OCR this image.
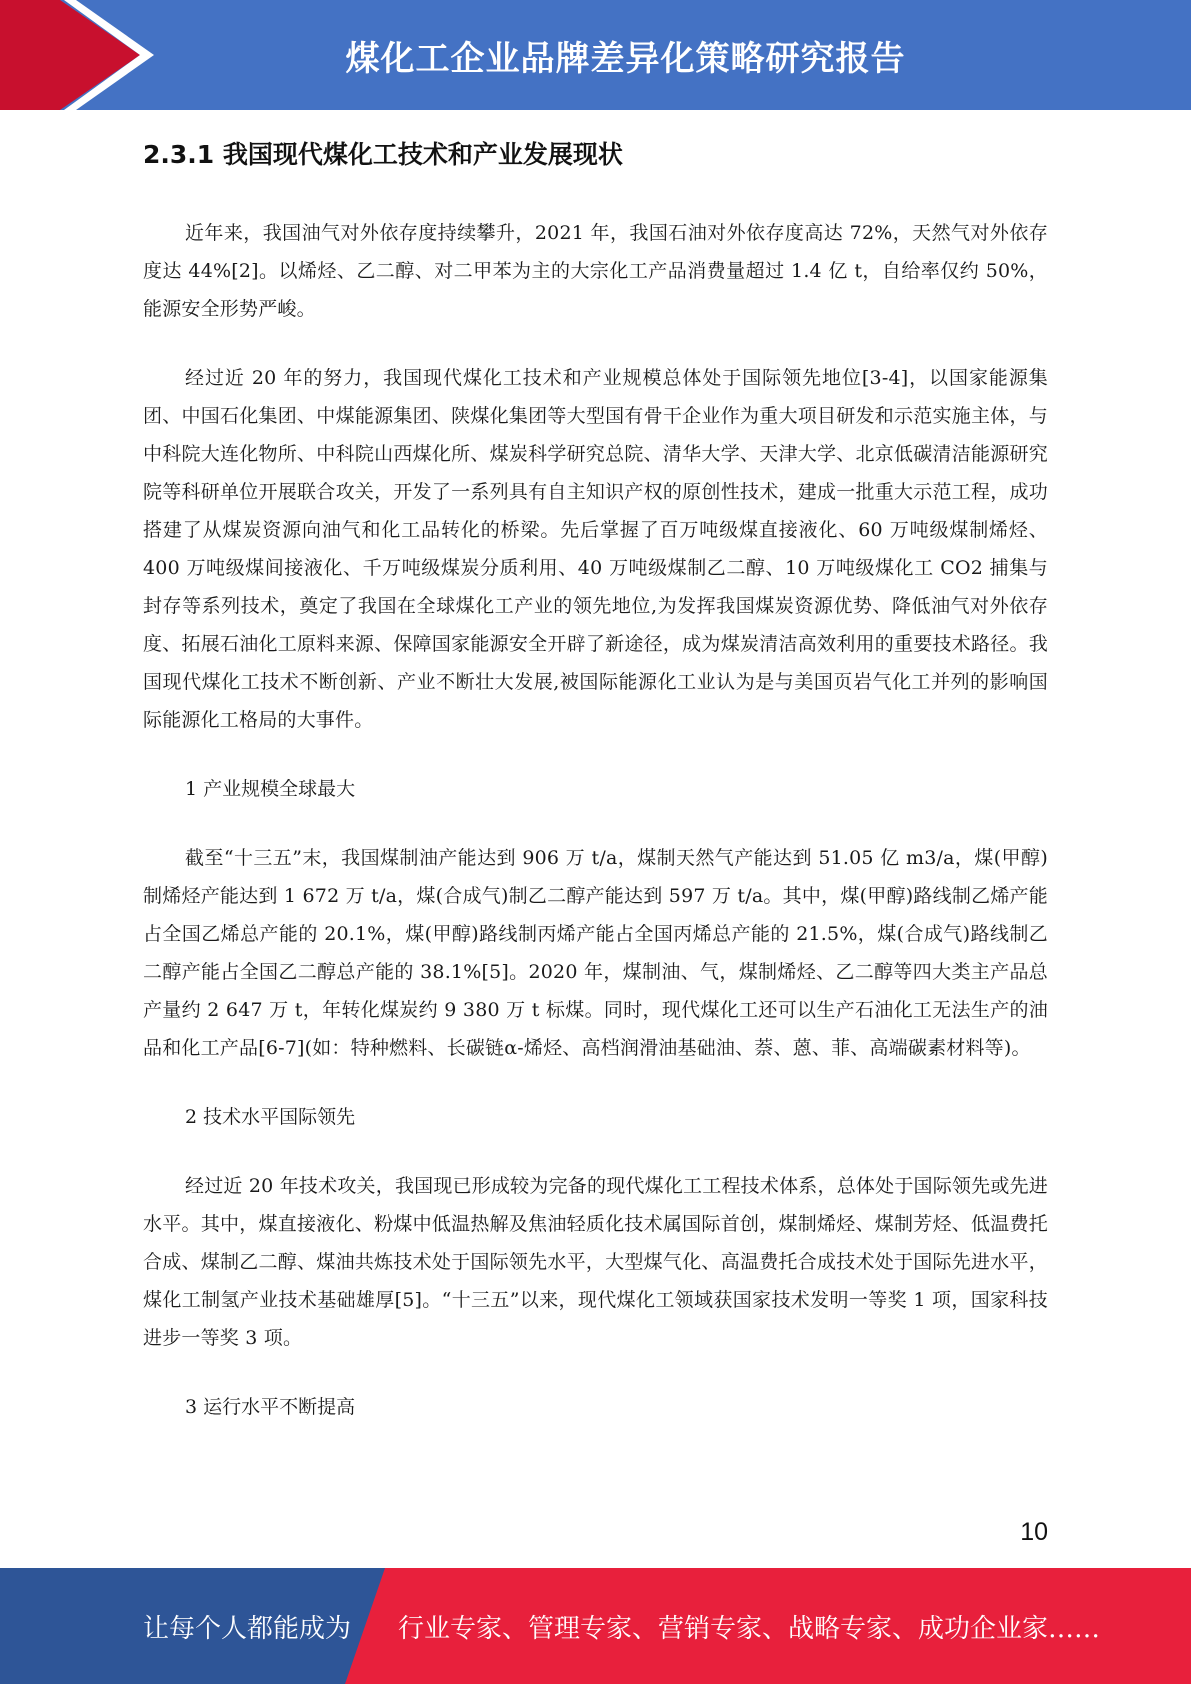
煤化工企业品牌差异化策略研究报告
2.3.1 我国现代煤化工技术和产业发展现状

近年来，我国油气对外依存度持续攀升，2021 年，我国石油对外依存度高达 72%，天然气对外依存度达 44%[2]。以烯烃、乙二醇、对二甲苯为主的大宗化工产品消费量超过 1.4 亿 t，自给率仅约 50%，能源安全形势严峻。

经过近 20 年的努力，我国现代煤化工技术和产业规模总体处于国际领先地位[3-4]，以国家能源集团、中国石化集团、中煤能源集团、陕煤化集团等大型国有骨干企业作为重大项目研发和示范实施主体，与中科院大连化物所、中科院山西煤化所、煤炭科学研究总院、清华大学、天津大学、北京低碳清洁能源研究院等科研单位开展联合攻关，开发了一系列具有自主知识产权的原创性技术，建成一批重大示范工程，成功搭建了从煤炭资源向油气和化工品转化的桥梁。先后掌握了百万吨级煤直接液化、60 万吨级煤制烯烃、400 万吨级煤间接液化、千万吨级煤炭分质利用、40 万吨级煤制乙二醇、10 万吨级煤化工 CO2 捕集与封存等系列技术，奠定了我国在全球煤化工产业的领先地位,为发挥我国煤炭资源优势、降低油气对外依存度、拓展石油化工原料来源、保障国家能源安全开辟了新途径，成为煤炭清洁高效利用的重要技术路径。我国现代煤化工技术不断创新、产业不断壮大发展,被国际能源化工业认为是与美国页岩气化工并列的影响国际能源化工格局的大事件。

1 产业规模全球最大

截至“十三五”末，我国煤制油产能达到 906 万 t/a，煤制天然气产能达到 51.05 亿 m3/a，煤(甲醇)制烯烃产能达到 1 672 万 t/a，煤(合成气)制乙二醇产能达到 597 万 t/a。其中，煤(甲醇)路线制乙烯产能占全国乙烯总产能的 20.1%，煤(甲醇)路线制丙烯产能占全国丙烯总产能的 21.5%，煤(合成气)路线制乙二醇产能占全国乙二醇总产能的 38.1%[5]。2020 年，煤制油、气，煤制烯烃、乙二醇等四大类主产品总产量约 2 647 万 t，年转化煤炭约 9 380 万 t 标煤。同时，现代煤化工还可以生产石油化工无法生产的油品和化工产品[6-7](如：特种燃料、长碳链α-烯烃、高档润滑油基础油、萘、蒽、菲、高端碳素材料等)。

2 技术水平国际领先

经过近 20 年技术攻关，我国现已形成较为完备的现代煤化工工程技术体系，总体处于国际领先或先进水平。其中，煤直接液化、粉煤中低温热解及焦油轻质化技术属国际首创，煤制烯烃、煤制芳烃、低温费托合成、煤制乙二醇、煤油共炼技术处于国际领先水平，大型煤气化、高温费托合成技术处于国际先进水平，煤化工制氢产业技术基础雄厚[5]。“十三五”以来，现代煤化工领域获国家技术发明一等奖 1 项，国家科技进步一等奖 3 项。

3 运行水平不断提高
10
让每个人都能成为 行业专家、管理专家、营销专家、战略专家、成功企业家……
